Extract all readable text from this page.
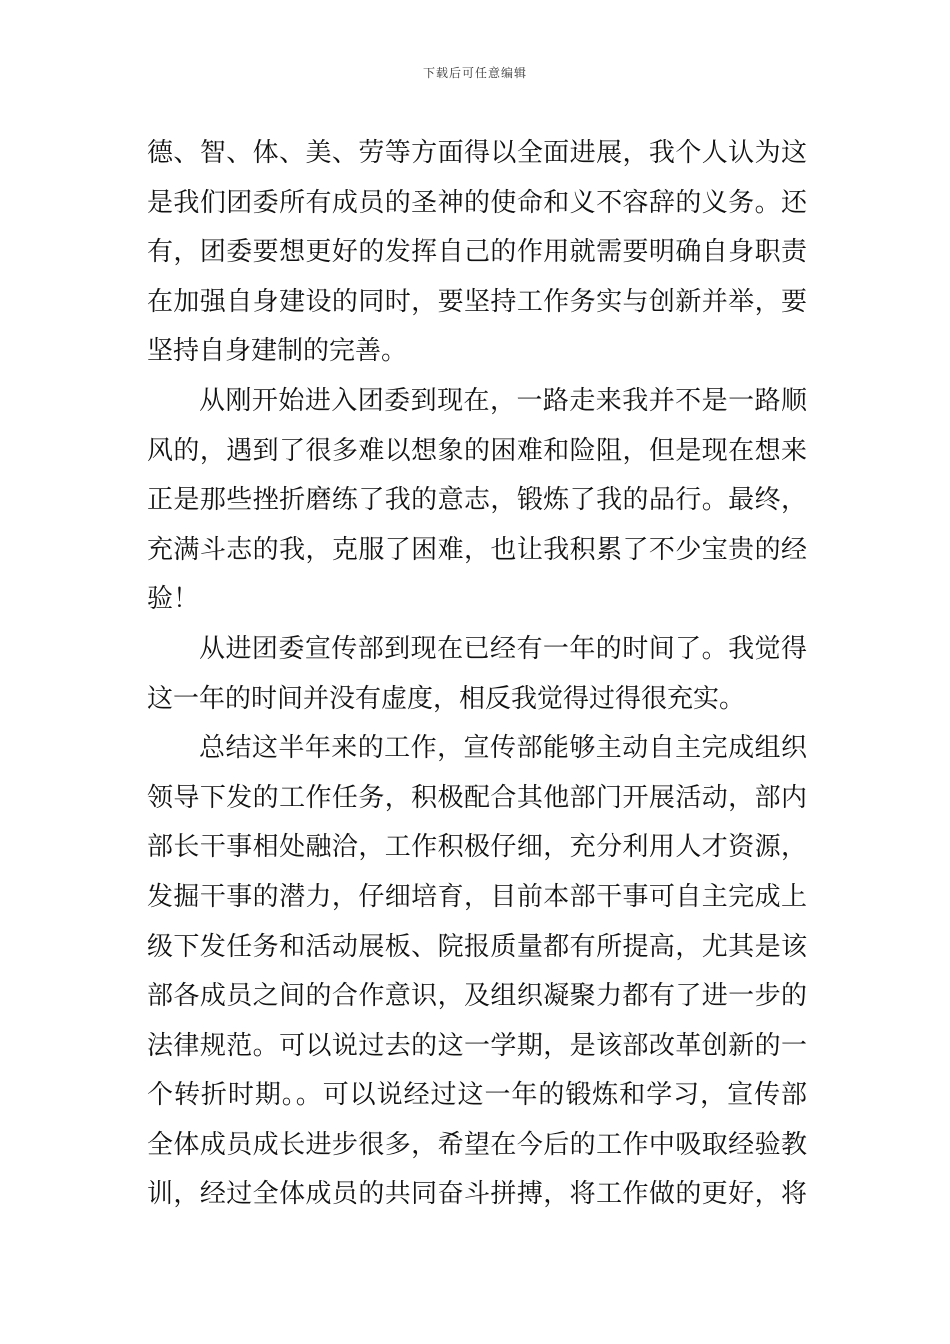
下载后可任意编辑
德、智、体、美、劳等方面得以全面进展，我个人认为这
是我们团委所有成员的圣神的使命和义不容辞的义务。还
有，团委要想更好的发挥自己的作用就需要明确自身职责
在加强自身建设的同时，要坚持工作务实与创新并举，要
坚持自身建制的完善。
从刚开始进入团委到现在，一路走来我并不是一路顺
风的，遇到了很多难以想象的困难和险阻，但是现在想来
正是那些挫折磨练了我的意志，锻炼了我的品行。最终，
充满斗志的我，克服了困难，也让我积累了不少宝贵的经
验！
从进团委宣传部到现在已经有一年的时间了。我觉得
这一年的时间并没有虚度，相反我觉得过得很充实。
总结这半年来的工作，宣传部能够主动自主完成组织
领导下发的工作任务，积极配合其他部门开展活动，部内
部长干事相处融洽，工作积极仔细，充分利用人才资源，
发掘干事的潜力，仔细培育，目前本部干事可自主完成上
级下发任务和活动展板、院报质量都有所提高，尤其是该
部各成员之间的合作意识，及组织凝聚力都有了进一步的
法律规范。可以说过去的这一学期，是该部改革创新的一
个转折时期。。可以说经过这一年的锻炼和学习，宣传部
全体成员成长进步很多，希望在今后的工作中吸取经验教
训，经过全体成员的共同奋斗拼搏，将工作做的更好，将
